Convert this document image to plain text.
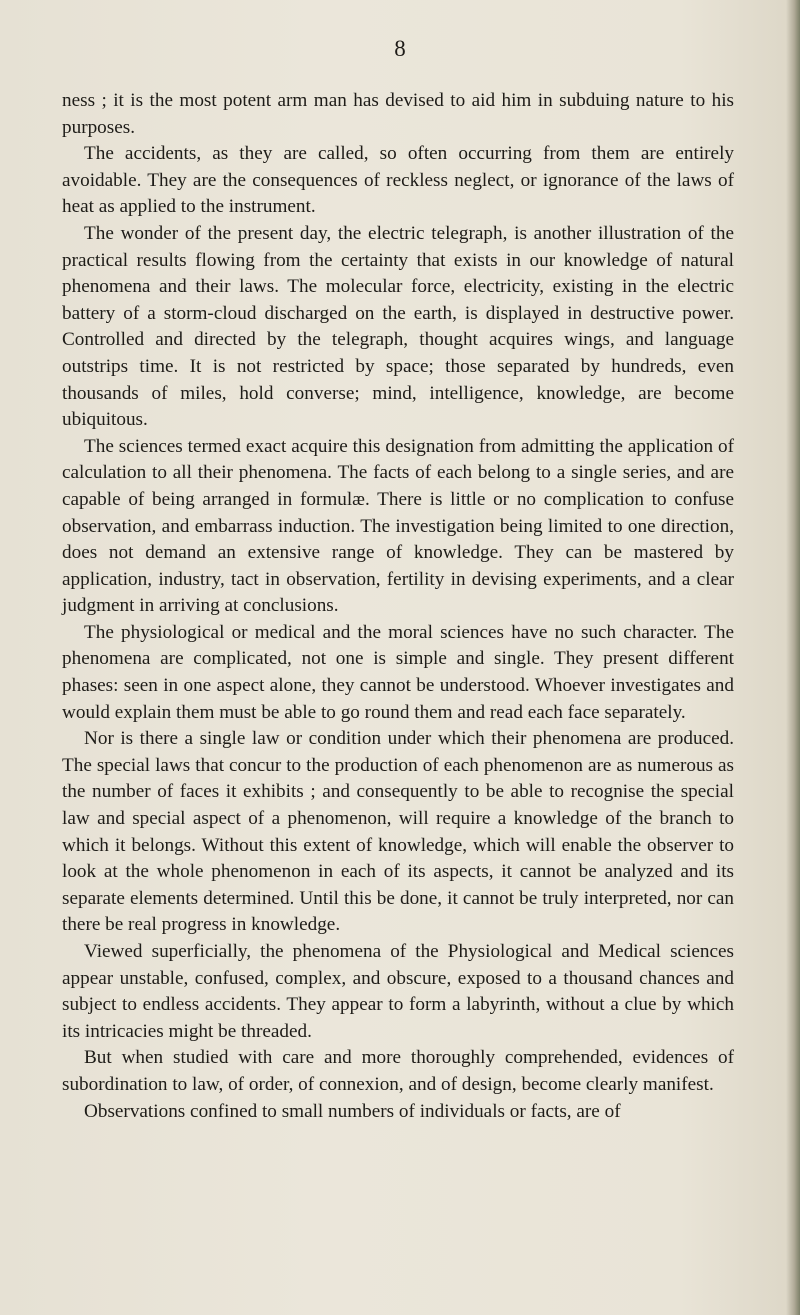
8

ness ; it is the most potent arm man has devised to aid him in subduing nature to his purposes.

The accidents, as they are called, so often occurring from them are entirely avoidable. They are the consequences of reckless neglect, or ignorance of the laws of heat as applied to the instrument.

The wonder of the present day, the electric telegraph, is another illustration of the practical results flowing from the certainty that exists in our knowledge of natural phenomena and their laws. The molecular force, electricity, existing in the electric battery of a storm-cloud discharged on the earth, is displayed in destructive power. Controlled and directed by the telegraph, thought acquires wings, and language outstrips time. It is not restricted by space; those separated by hundreds, even thousands of miles, hold converse; mind, intelligence, knowledge, are become ubiquitous.

The sciences termed exact acquire this designation from admitting the application of calculation to all their phenomena. The facts of each belong to a single series, and are capable of being arranged in formulæ. There is little or no complication to confuse observation, and embarrass induction. The investigation being limited to one direction, does not demand an extensive range of knowledge. They can be mastered by application, industry, tact in observation, fertility in devising experiments, and a clear judgment in arriving at conclusions.

The physiological or medical and the moral sciences have no such character. The phenomena are complicated, not one is simple and single. They present different phases: seen in one aspect alone, they cannot be understood. Whoever investigates and would explain them must be able to go round them and read each face separately.

Nor is there a single law or condition under which their phenomena are produced. The special laws that concur to the production of each phenomenon are as numerous as the number of faces it exhibits ; and consequently to be able to recognise the special law and special aspect of a phenomenon, will require a knowledge of the branch to which it belongs. Without this extent of knowledge, which will enable the observer to look at the whole phenomenon in each of its aspects, it cannot be analyzed and its separate elements determined. Until this be done, it cannot be truly interpreted, nor can there be real progress in knowledge.

Viewed superficially, the phenomena of the Physiological and Medical sciences appear unstable, confused, complex, and obscure, exposed to a thousand chances and subject to endless accidents. They appear to form a labyrinth, without a clue by which its intricacies might be threaded.

But when studied with care and more thoroughly comprehended, evidences of subordination to law, of order, of connexion, and of design, become clearly manifest.

Observations confined to small numbers of individuals or facts, are of
